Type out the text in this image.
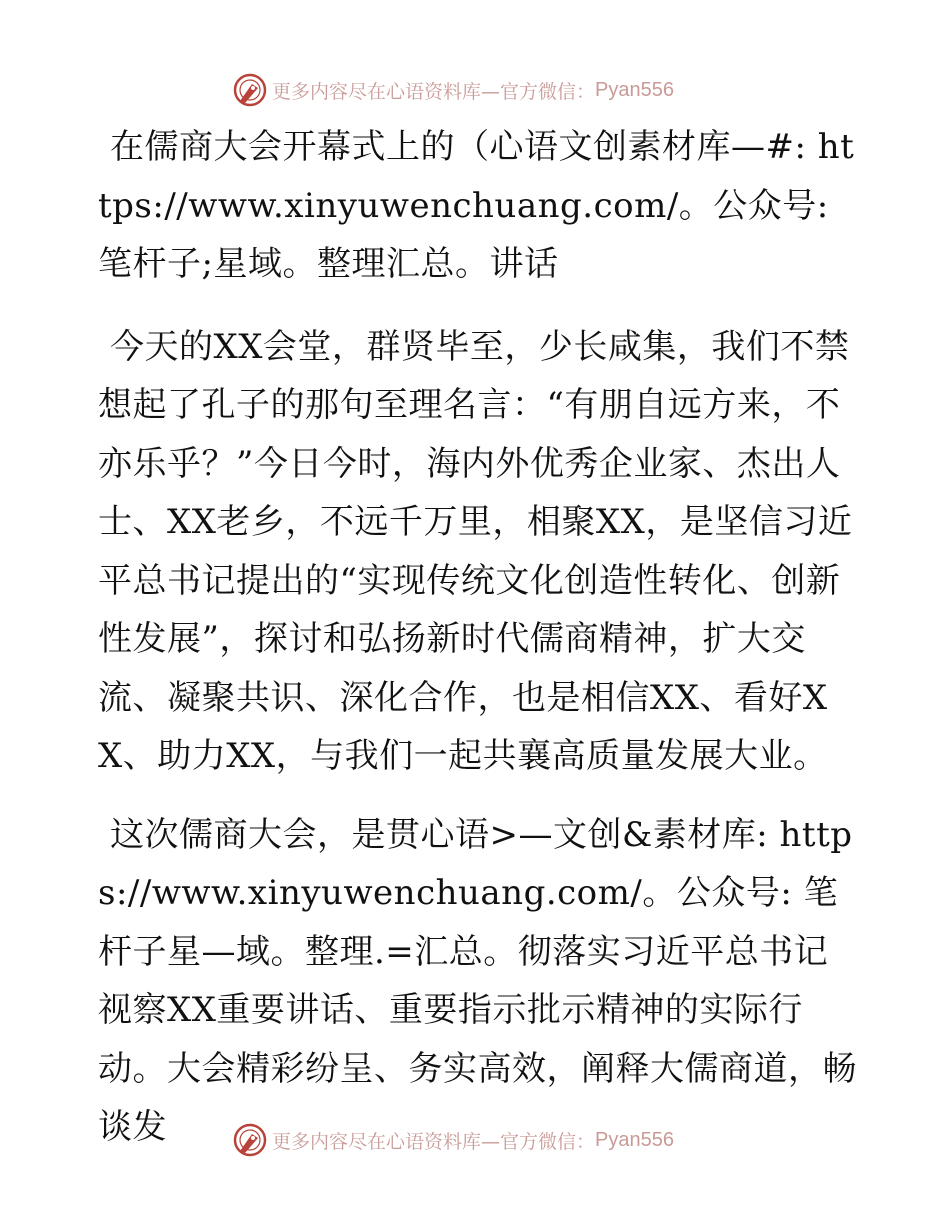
更多内容尽在心语资料库—官方微信： Pyan556

在儒商大会开幕式上的（心语文创素材库—#: https://www.xinyuwenchuang.com/。公众号: 笔杆子;星域。整理汇总。讲话

今天的XX会堂，群贤毕至，少长咸集，我们不禁想起了孔子的那句至理名言：“有朋自远方来，不亦乐乎？”今日今时，海内外优秀企业家、杰出人士、XX老乡，不远千万里，相聚XX，是坚信习近平总书记提出的“实现传统文化创造性转化、创新性发展”，探讨和弘扬新时代儒商精神，扩大交流、凝聚共识、深化合作，也是相信XX、看好XX、助力XX，与我们一起共襄高质量发展大业。

这次儒商大会，是贯心语>—文创&素材库: https://www.xinyuwenchuang.com/。公众号: 笔杆子星—域。整理.=汇总。彻落实习近平总书记视察XX重要讲话、重要指示批示精神的实际行动。大会精彩纷呈、务实高效，阐释大儒商道，畅谈发	更多内容尽在心语资料库—官方微信： Pyan556
